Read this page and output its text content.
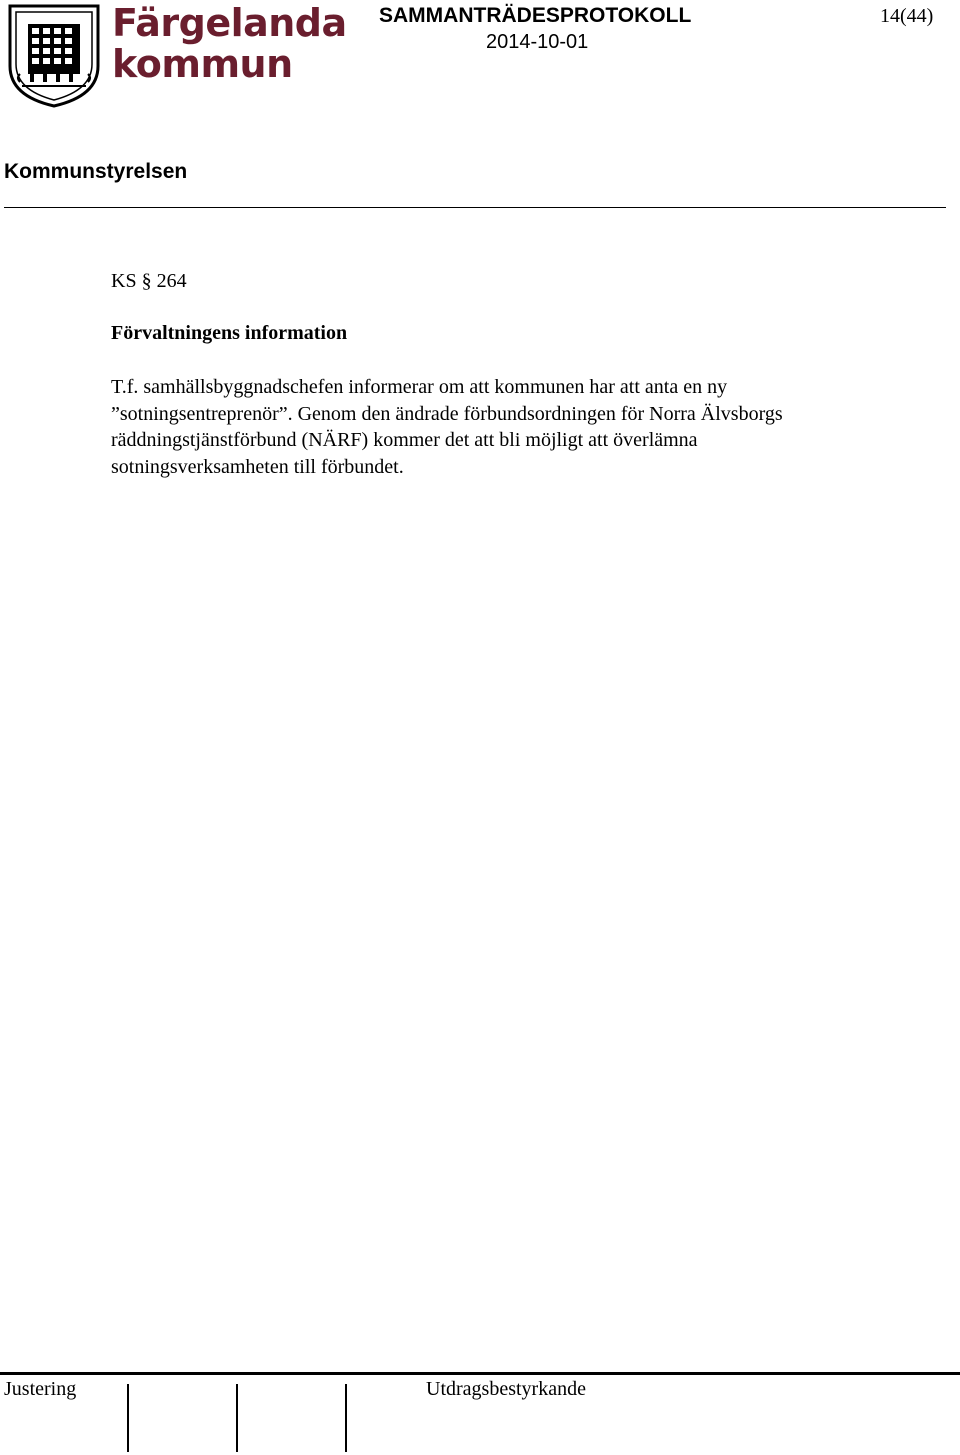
Färgelanda
kommun
SAMMANTRÄDESPROTOKOLL
2014-10-01
14(44)
Kommunstyrelsen
KS § 264
Förvaltningens information
T.f. samhällsbyggnadschefen informerar om att kommunen har att anta en ny
”sotningsentreprenör”. Genom den ändrade förbundsordningen för Norra Älvsborgs
räddningstjänstförbund (NÄRF) kommer det att bli möjligt att överlämna
sotningsverksamheten till förbundet.
Justering	Utdragsbestyrkande
